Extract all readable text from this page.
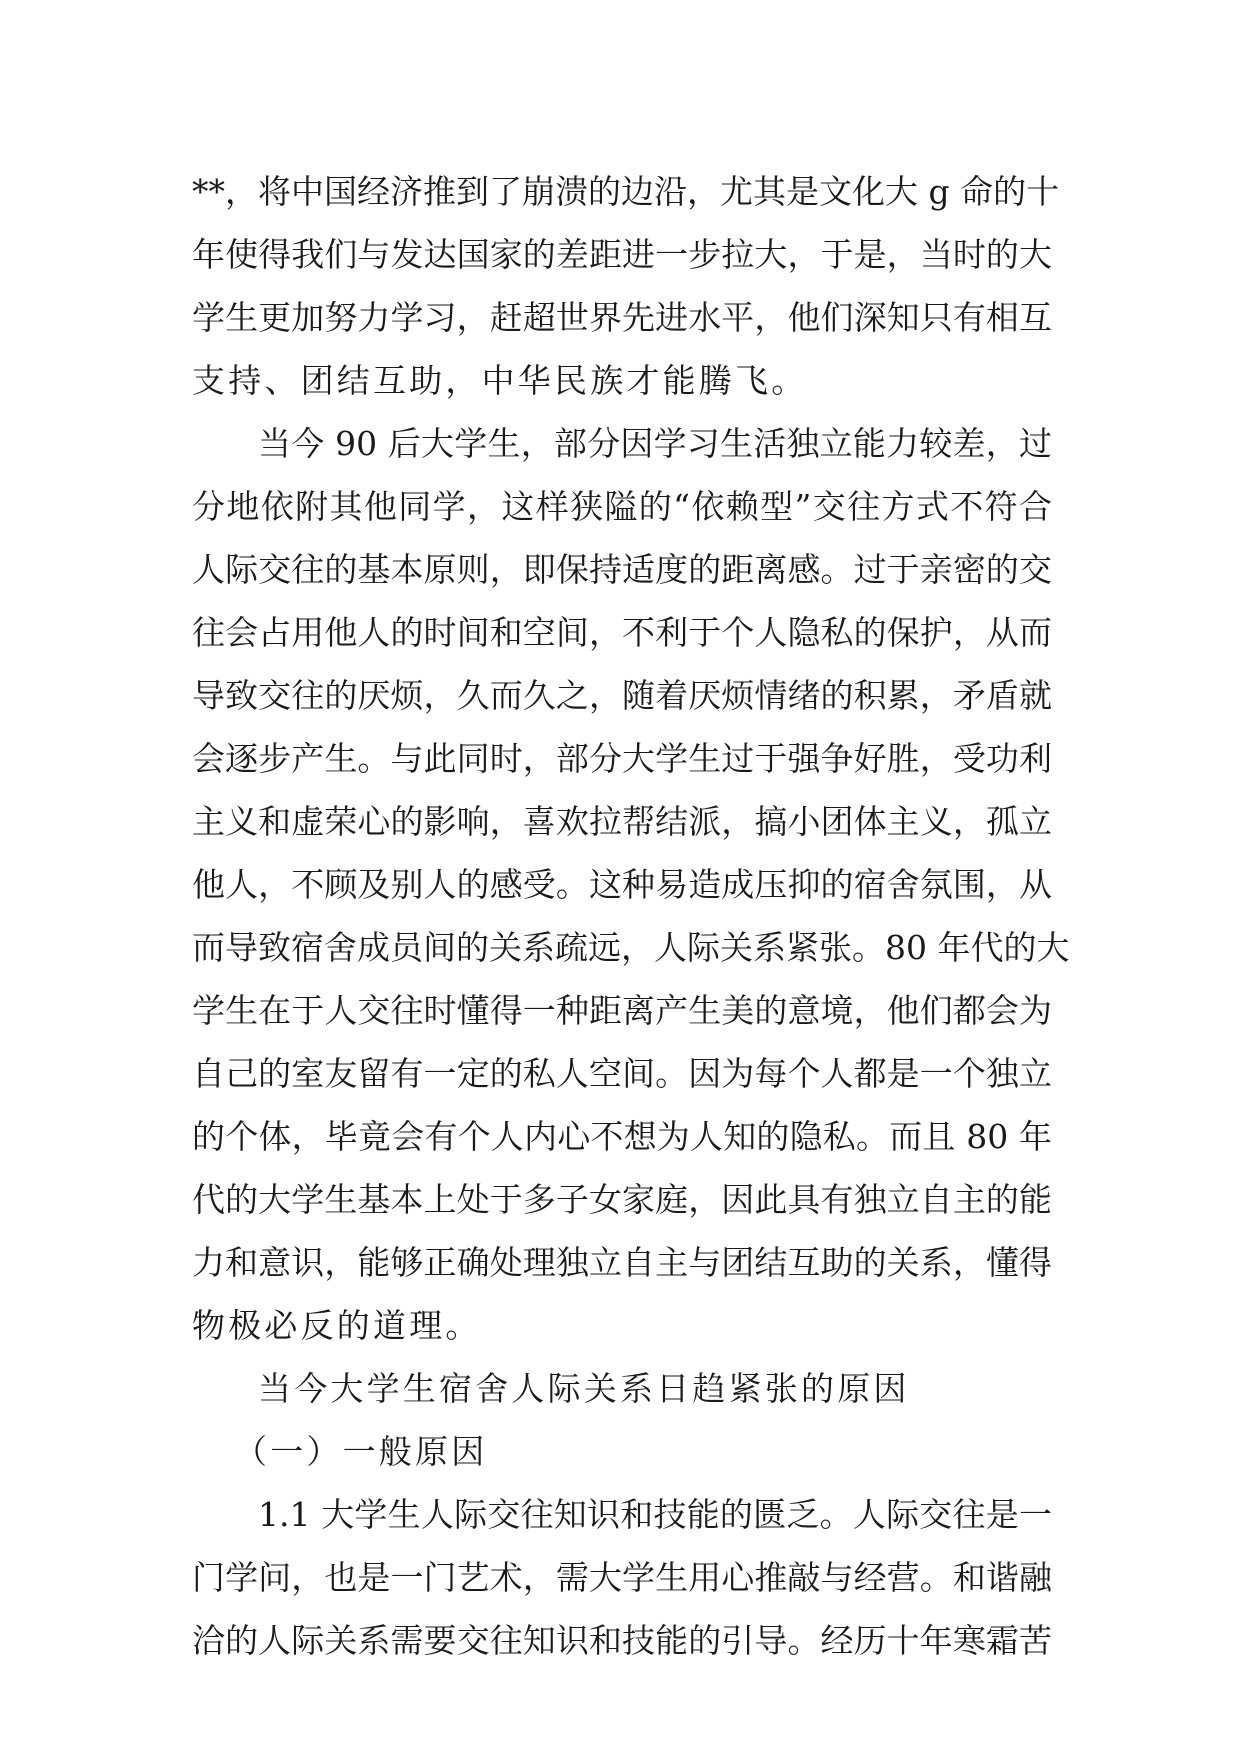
**，将中国经济推到了崩溃的边沿，尤其是文化大 g 命的十
年使得我们与发达国家的差距进一步拉大，于是，当时的大
学生更加努力学习，赶超世界先进水平，他们深知只有相互
支持、团结互助，中华民族才能腾飞。
当今 90 后大学生，部分因学习生活独立能力较差，过
分地依附其他同学，这样狭隘的“依赖型”交往方式不符合
人际交往的基本原则，即保持适度的距离感。过于亲密的交
往会占用他人的时间和空间，不利于个人隐私的保护，从而
导致交往的厌烦，久而久之，随着厌烦情绪的积累，矛盾就
会逐步产生。与此同时，部分大学生过于强争好胜，受功利
主义和虚荣心的影响，喜欢拉帮结派，搞小团体主义，孤立
他人，不顾及别人的感受。这种易造成压抑的宿舍氛围，从
而导致宿舍成员间的关系疏远，人际关系紧张。80 年代的大
学生在于人交往时懂得一种距离产生美的意境，他们都会为
自己的室友留有一定的私人空间。因为每个人都是一个独立
的个体，毕竟会有个人内心不想为人知的隐私。而且 80 年
代的大学生基本上处于多子女家庭，因此具有独立自主的能
力和意识，能够正确处理独立自主与团结互助的关系，懂得
物极必反的道理。
当今大学生宿舍人际关系日趋紧张的原因
（一）一般原因
1.1 大学生人际交往知识和技能的匮乏。人际交往是一
门学问，也是一门艺术，需大学生用心推敲与经营。和谐融
洽的人际关系需要交往知识和技能的引导。经历十年寒霜苦
